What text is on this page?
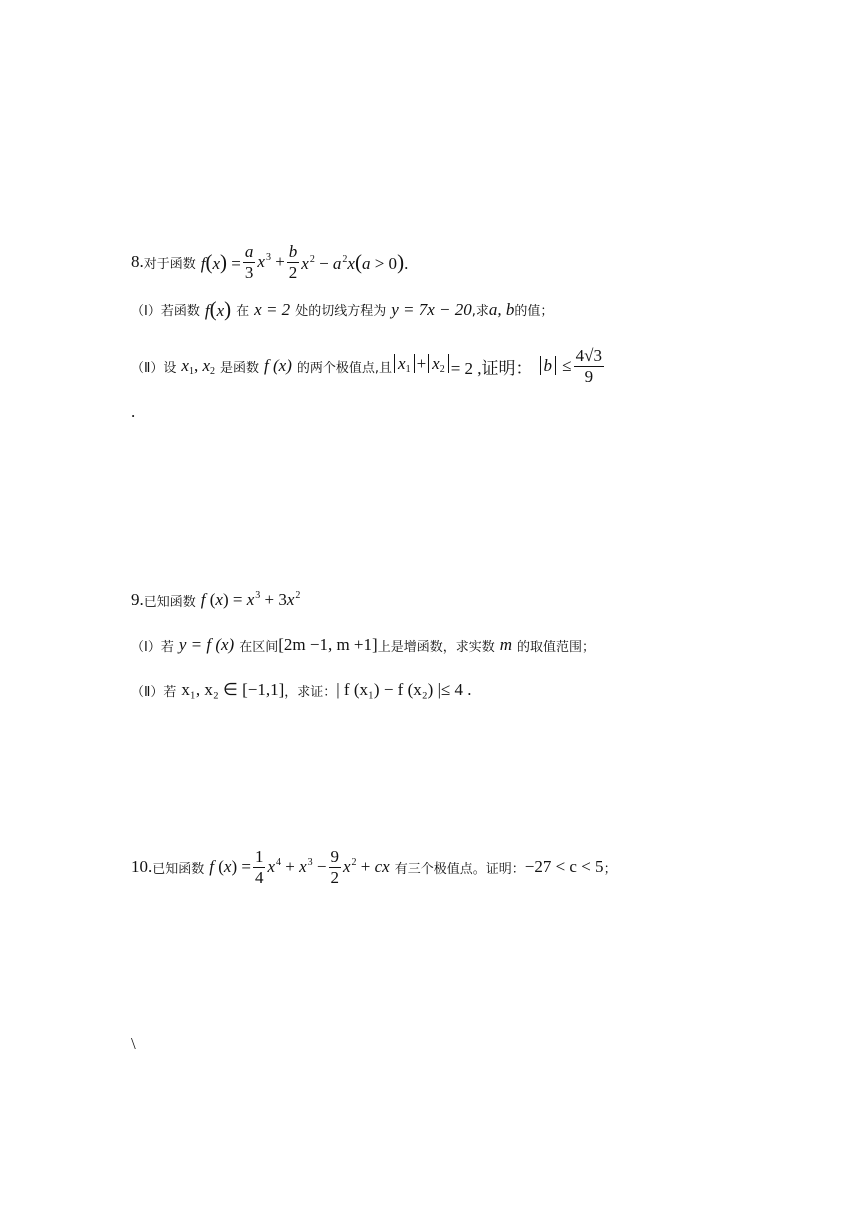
8. 对于函数 $f(x) = \frac{a}{3} x^3 + \frac{b}{2} x^2 - a^2x(a > 0)$.
（Ⅰ） 若函数 f(x) 在 x = 2 处的切线方程为 y = 7x − 20 ,求 a, b 的值；
（Ⅱ） 设 $x_1$, $x_2$ 是函数 f (x) 的两个极值点,且 $x_1 + x_2 = 2$ ,证明： $b \le \frac{4√3}{9}$
.
9. 已知函数 f $(x) = x^3 + 3x^2$
（Ⅰ） 若 y = f (x) 在区间 [2m −1, m +1] 上是增函数，求实数 m 的取值范围；
（Ⅱ） 若 x₁, x₂ ∈ [−1,1] ，求证： | f (x₁) − f (x₂) |≤ 4 .
10. 已知函数 f $(x) = \frac{1}{4} x^4 + x^3 - \frac{9}{2} x^2$ + cx 有三个极值点。证明： −27 < c < 5 ；
\
